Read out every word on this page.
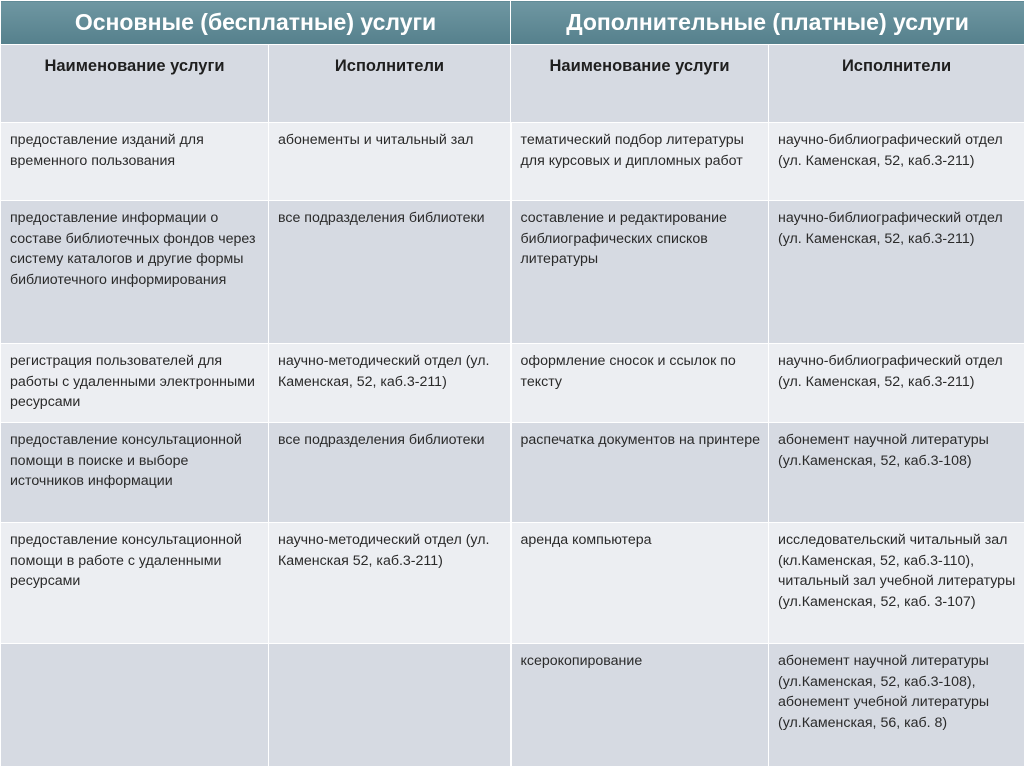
Основные (бесплатные) услуги		Дополнительные (платные) услуги	
Наименование услуги	Исполнители	Наименование услуги	Исполнители
предоставление изданий для временного пользования	абонементы и читальный зал	тематический подбор литературы для курсовых и дипломных работ	научно-библиографический отдел (ул. Каменская, 52, каб.3-211)
предоставление информации о составе библиотечных фондов через систему каталогов и другие формы библиотечного информирования	все подразделения библиотеки	составление и редактирование библиографических списков литературы	научно-библиографический отдел (ул. Каменская, 52, каб.3-211)
регистрация пользователей для работы с удаленными электронными ресурсами	научно-методический отдел (ул. Каменская, 52, каб.3-211)	оформление сносок и ссылок по тексту	научно-библиографический отдел (ул. Каменская, 52, каб.3-211)
предоставление консультационной помощи в поиске и выборе источников информации	все подразделения библиотеки	распечатка документов на принтере	абонемент научной литературы (ул.Каменская, 52, каб.3-108)
предоставление консультационной помощи в работе с удаленными ресурсами	научно-методический отдел (ул. Каменская 52, каб.3-211)	аренда компьютера	исследовательский читальный зал (кл.Каменская, 52, каб.3-110), читальный зал учебной литературы (ул.Каменская, 52, каб. 3-107)
		ксерокопирование	абонемент научной литературы (ул.Каменская, 52, каб.3-108), абонемент учебной литературы (ул.Каменская, 56, каб. 8)
